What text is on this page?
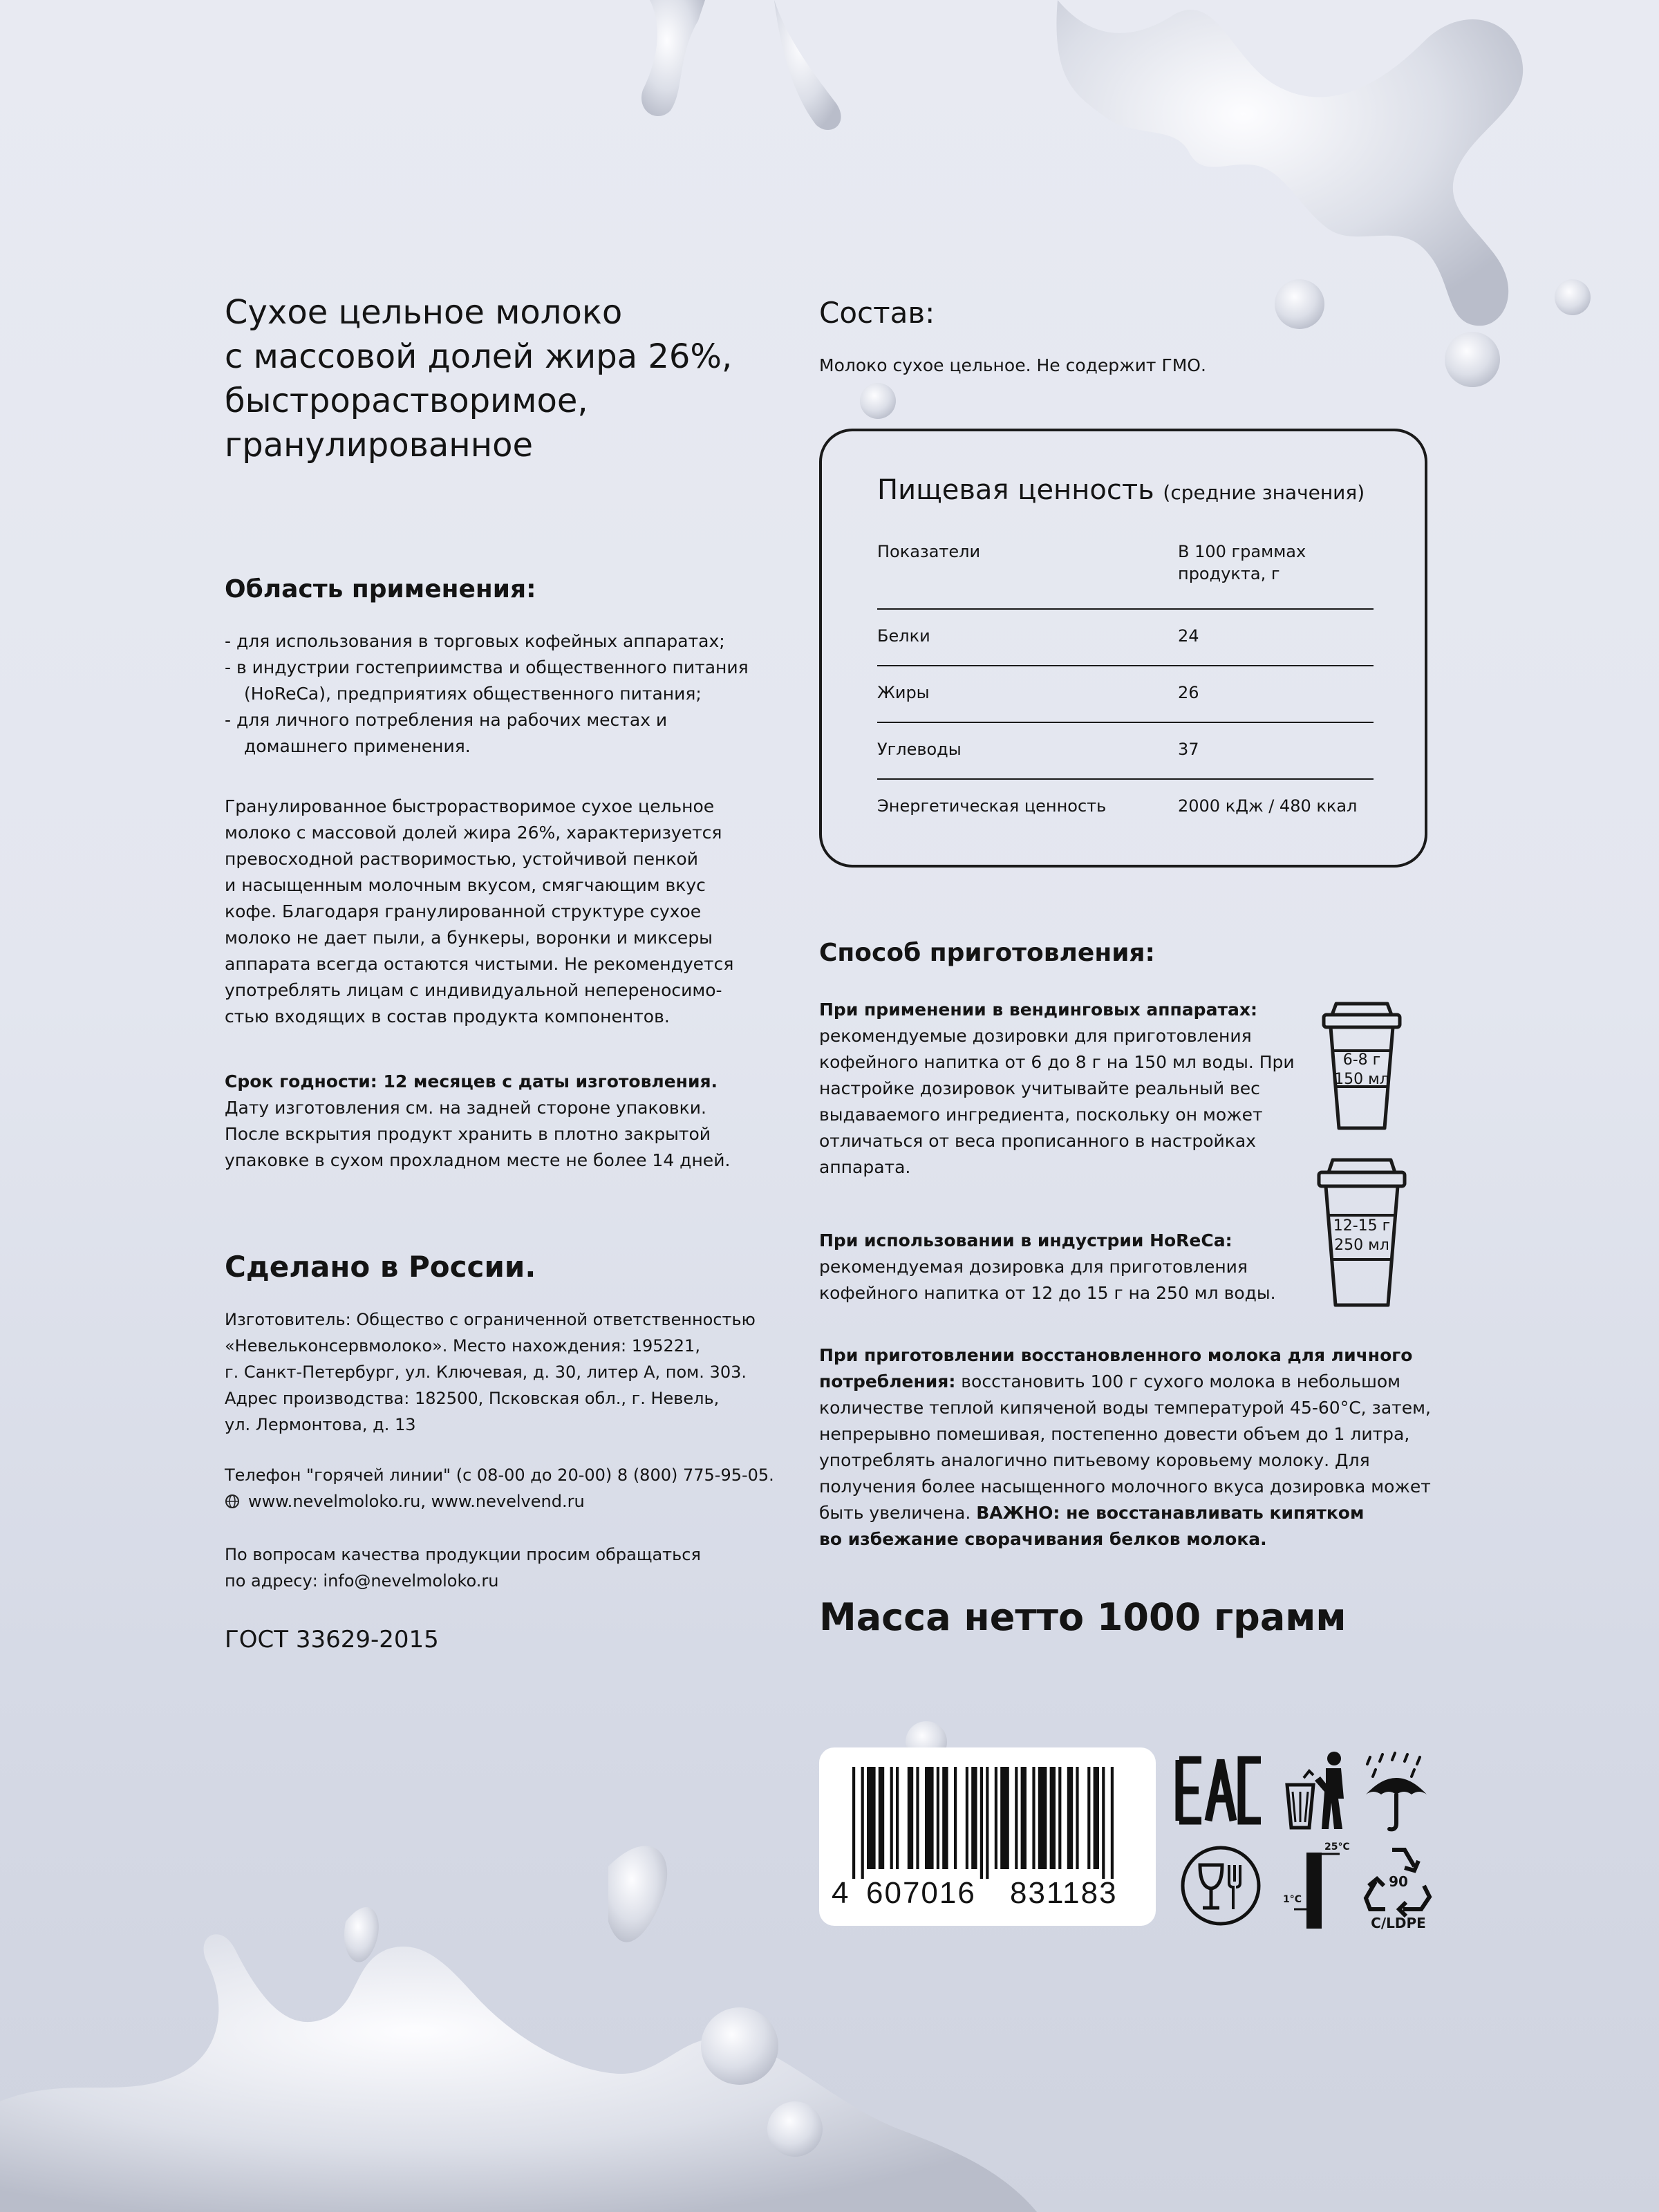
Сухое цельное молоко
с массовой долей жира 26%,
быстрорастворимое,
гранулированное
Область применения:
- для использования в торговых кофейных аппаратах;
- в индустрии гостеприимства и общественного питания
(HoReCa), предприятиях общественного питания;
- для личного потребления на рабочих местах и
домашнего применения.

Гранулированное быстрорастворимое сухое цельное
молоко с массовой долей жира 26%, характеризуется
превосходной растворимостью, устойчивой пенкой
и насыщенным молочным вкусом, смягчающим вкус
кофе. Благодаря гранулированной структуре сухое
молоко не дает пыли, а бункеры, воронки и миксеры
аппарата всегда остаются чистыми. Не рекомендуется
употреблять лицам с индивидуальной непереносимо-
стью входящих в состав продукта компонентов.

Срок годности: 12 месяцев с даты изготовления.

Дату изготовления см. на задней стороне упаковки.
После вскрытия продукт хранить в плотно закрытой
упаковке в сухом прохладном месте не более 14 дней.

Сделано в России.

Изготовитель: Общество с ограниченной ответственностью
«Невельконсервмолоко». Место нахождения: 195221,
г. Санкт-Петербург, ул. Ключевая, д. 30, литер А, пом. 303.
Адрес производства: 182500, Псковская обл., г. Невель,
ул. Лермонтова, д. 13

Телефон "горячей линии" (с 08-00 до 20-00) 8 (800) 775-95-05.

www.nevelmoloko.ru, www.nevelvend.ru

По вопросам качества продукции просим обращаться
по адресу: info@nevelmoloko.ru

ГОСТ 33629-2015
Состав:
Молоко сухое цельное. Не содержит ГМО.
Пищевая ценность (средние значения)
Показатели	В 100 граммах
продукта, г
Белки	24
Жиры	26
Углеводы	37
Энергетическая ценность	2000 кДж / 480 ккал
Способ приготовления:
При применении в вендинговых аппаратах:

рекомендуемые дозировки для приготовления
кофейного напитка от 6 до 8 г на 150 мл воды. При
настройке дозировок учитывайте реальный вес
выдаваемого ингредиента, поскольку он может
отличаться от веса прописанного в настройках
аппарата.

При использовании в индустрии HoReCa:

рекомендуемая дозировка для приготовления
кофейного напитка от 12 до 15 г на 250 мл воды.

6-8 г
150 мл
12-15 г
250 мл

При приготовлении восстановленного молока для личного
потребления: восстановить 100 г сухого молока в небольшом
количестве теплой кипяченой воды температурой 45-60°С, затем,
непрерывно помешивая, постепенно довести объем до 1 литра,
употреблять аналогично питьевому коровьему молоку. Для
получения более насыщенного молочного вкуса дозировка может
быть увеличена. ВАЖНО: не восстанавливать кипятком
во избежание сворачивания белков молока.

Масса нетто 1000 грамм
4 607016 831183
25°C
1°C
90
C/LDPE
